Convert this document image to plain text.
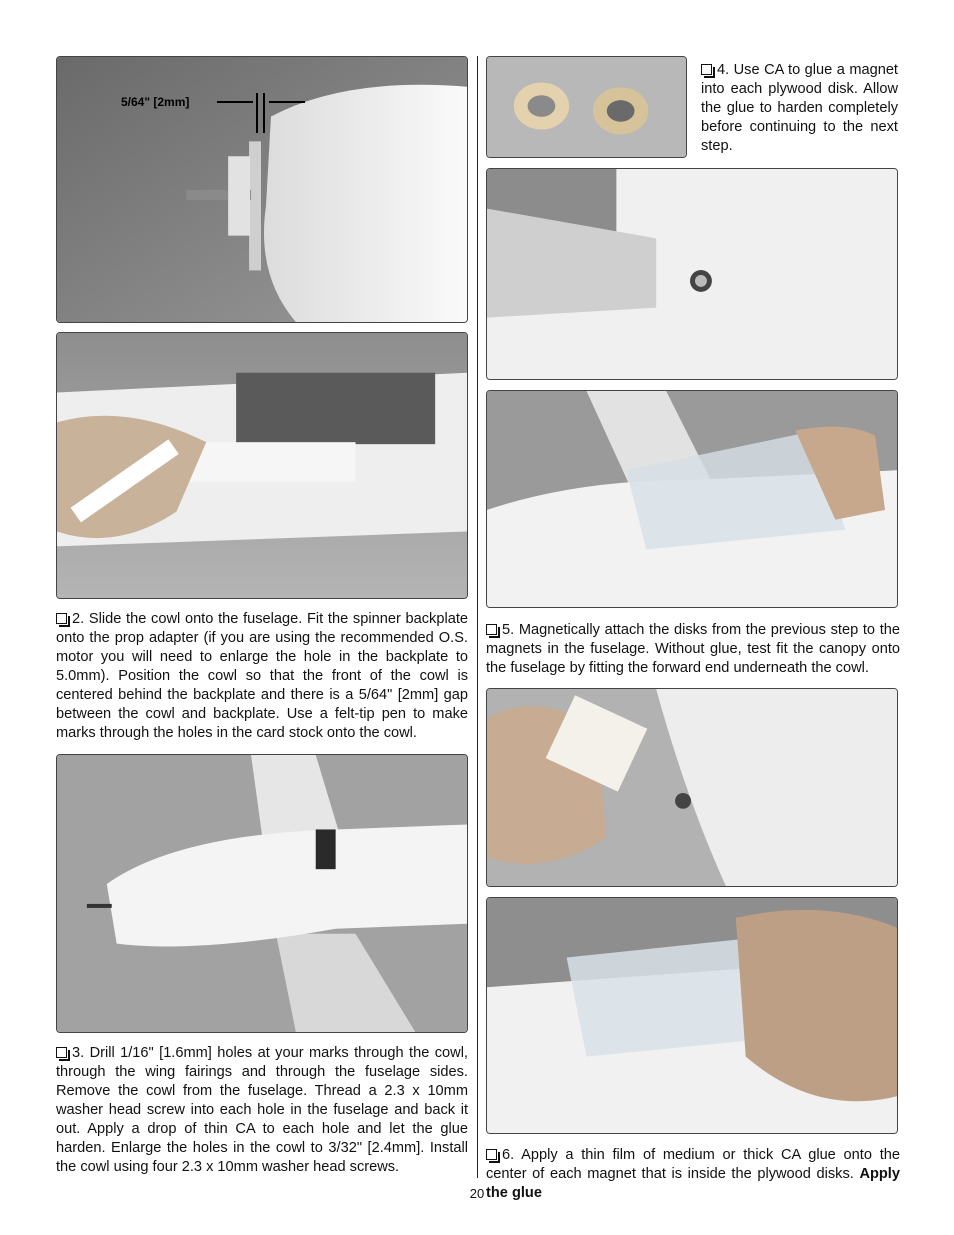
5/64" [2mm]

2. Slide the cowl onto the fuselage. Fit the spinner backplate onto the prop adapter (if you are using the recommended O.S. motor you will need to enlarge the hole in the backplate to 5.0mm). Position the cowl so that the front of the cowl is centered behind the backplate and there is a 5/64" [2mm] gap between the cowl and backplate. Use a felt-tip pen to make marks through the holes in the card stock onto the cowl.

3. Drill 1/16" [1.6mm] holes at your marks through the cowl, through the wing fairings and through the fuselage sides. Remove the cowl from the fuselage. Thread a 2.3 x 10mm washer head screw into each hole in the fuselage and back it out. Apply a drop of thin CA to each hole and let the glue harden. Enlarge the holes in the cowl to 3/32" [2.4mm]. Install the cowl using four 2.3 x 10mm washer head screws.

4. Use CA to glue a magnet into each plywood disk. Allow the glue to harden completely before continuing to the next step.

5. Magnetically attach the disks from the previous step to the magnets in the fuselage. Without glue, test fit the canopy onto the fuselage by fitting the forward end underneath the cowl.

6. Apply a thin film of medium or thick CA glue onto the center of each magnet that is inside the plywood disks. Apply the glue

20
